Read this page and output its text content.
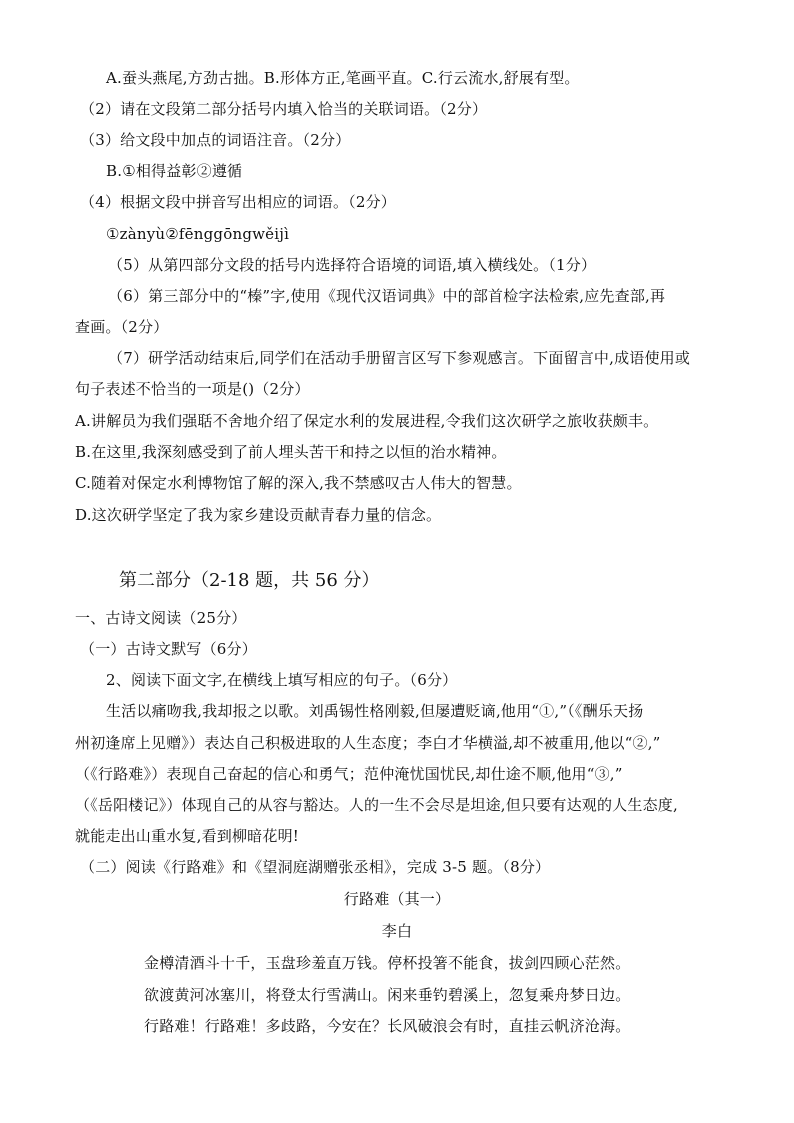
A.蚕头燕尾,方劲古拙。B.形体方正,笔画平直。C.行云流水,舒展有型。
（2）请在文段第二部分括号内填入恰当的关联词语。（2分）
（3）给文段中加点的词语注音。（2分）
B.①相得益彰②遵循
（4）根据文段中拼音写出相应的词语。（2分）
①zànyù②fēnggōngwěijì
（5）从第四部分文段的括号内选择符合语境的词语,填入横线处。（1分）
（6）第三部分中的“榛”字,使用《现代汉语词典》中的部首检字法检索,应先查部,再
查画。（2分）
（7）研学活动结束后,同学们在活动手册留言区写下参观感言。下面留言中,成语使用或
句子表述不恰当的一项是()（2分）
A.讲解员为我们强聒不舍地介绍了保定水利的发展进程,令我们这次研学之旅收获颇丰。
B.在这里,我深刻感受到了前人埋头苦干和持之以恒的治水精神。
C.随着对保定水利博物馆了解的深入,我不禁感叹古人伟大的智慧。
D.这次研学坚定了我为家乡建设贡献青春力量的信念。
第二部分（2-18 题，共 56 分）
一、古诗文阅读（25分）
（一）古诗文默写（6分）
2、阅读下面文字,在横线上填写相应的句子。（6分）
生活以痛吻我,我却报之以歌。刘禹锡性格刚毅,但屡遭贬谪,他用“①,”（《酬乐天扬
州初逢席上见赠》）表达自己积极进取的人生态度；李白才华横溢,却不被重用,他以“②,”
（《行路难》）表现自己奋起的信心和勇气；范仲淹忧国忧民,却仕途不顺,他用“③,”
（《岳阳楼记》）体现自己的从容与豁达。人的一生不会尽是坦途,但只要有达观的人生态度,
就能走出山重水复,看到柳暗花明!
（二）阅读《行路难》和《望洞庭湖赠张丞相》，完成 3-5 题。（8分）
行路难（其一）
李白
金樽清酒斗十千，玉盘珍羞直万钱。停杯投箸不能食，拔剑四顾心茫然。
欲渡黄河冰塞川，将登太行雪满山。闲来垂钓碧溪上，忽复乘舟梦日边。
行路难！行路难！多歧路，今安在？长风破浪会有时，直挂云帆济沧海。
